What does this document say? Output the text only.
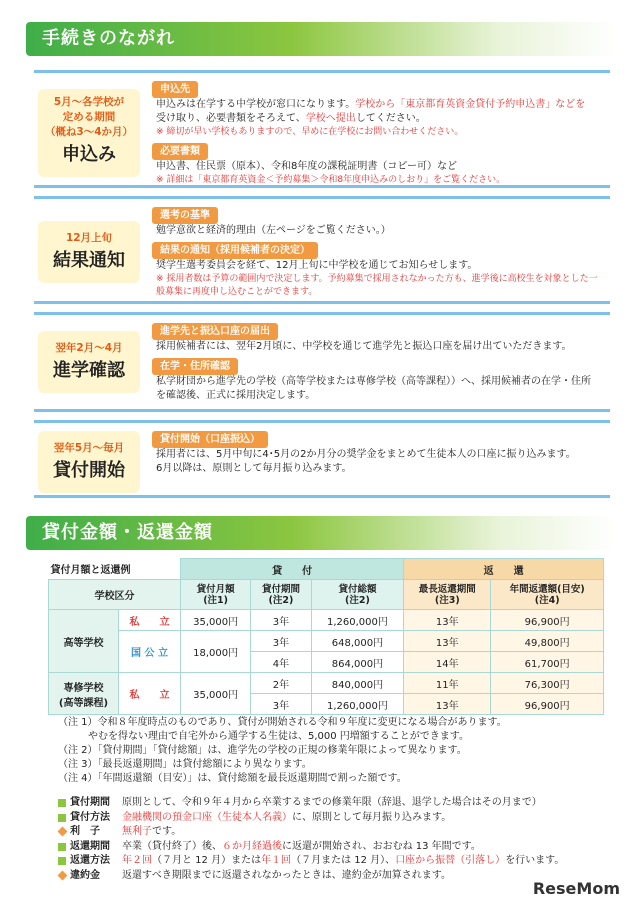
手続きのながれ
5月～各学校が
定める期間
（概ね3～4か月）
申込み
申込先
申込みは在学する中学校が窓口になります。学校から「東京都育英資金貸付予約申込書」などを
受け取り、必要書類をそろえて、学校へ提出してください。
※ 締切が早い学校もありますので、早めに在学校にお問い合わせください。
必要書類
申込書、住民票（原本）、令和8年度の課税証明書（コピー可）など
※ 詳細は「東京都育英資金＜予約募集＞令和8年度申込みのしおり」をご覧ください。
12月上旬
結果通知
選考の基準
勉学意欲と経済的理由（左ページをご覧ください。）
結果の通知（採用候補者の決定）
奨学生選考委員会を経て、12月上旬に中学校を通じてお知らせします。
※ 採用者数は予算の範囲内で決定します。予約募集で採用されなかった方も、進学後に高校生を対象とした一般募集に再度申し込むことができます。
翌年2月～4月
進学確認
進学先と振込口座の届出
採用候補者には、翌年2月頃に、中学校を通じて進学先と振込口座を届け出ていただきます。
在学・住所確認
私学財団から進学先の学校（高等学校または専修学校（高等課程））へ、採用候補者の在学・住所
を確認後、正式に採用決定します。
翌年5月～毎月
貸付開始
貸付開始（口座振込）
採用者には、5月中旬に4･5月の2か月分の奨学金をまとめて生徒本人の口座に振り込みます。
6月以降は、原則として毎月振り込みます。
貸付金額・返還金額
貸付月額と返還例		貸　　付			返　　還	
学校区分		貸付月額
(注1)	貸付期間
(注2)	貸付総額
(注2)	最長返還期間
(注3)	年間返還額(目安)
(注4)
高等学校	私　　立	35,000円	3年	1,260,000円	13年	96,900円
	国 公 立	18,000円	3年	648,000円	13年	49,800円
			4年	864,000円	14年	61,700円
専修学校
(高等課程)	私　　立	35,000円	2年	840,000円	11年	76,300円
			3年	1,260,000円	13年	96,900円
（注 1）令和８年度時点のものであり、貸付が開始される令和９年度に変更になる場合があります。
　　　やむを得ない理由で自宅外から通学する生徒は、5,000 円増額することができます。
（注 2）「貸付期間」「貸付総額」は、進学先の学校の正規の修業年限によって異なります。
（注 3）「最長返還期間」は貸付総額により異なります。
（注 4）「年間返還額（目安）」は、貸付総額を最長返還期間で割った額です。
貸付期間	原則として、令和９年４月から卒業するまでの修業年限（辞退、退学した場合はその月まで）
貸付方法	金融機関の預金口座（生徒本人名義）に、原則として毎月振り込みます。
利　子	無利子です。
返還期間	卒業（貸付終了）後、６か月経過後に返還が開始され、おおむね 13 年間です。
返還方法	年２回（７月と 12 月）または年１回（７月または 12 月）、口座から振替（引落し）を行います。
違約金	返還すべき期限までに返還されなかったときは、違約金が加算されます。
ReseMom
